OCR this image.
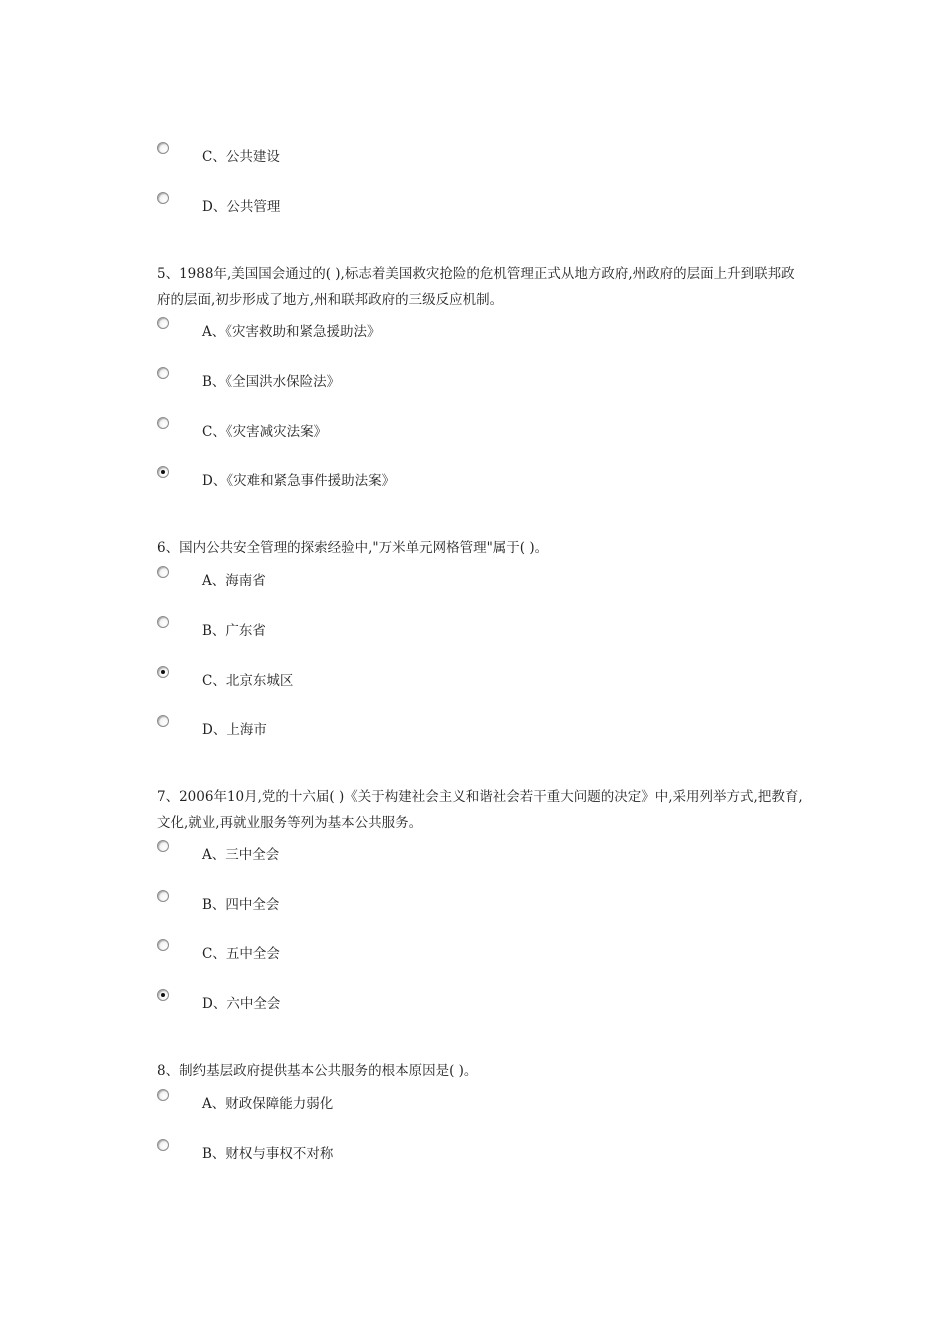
C、公共建设
D、公共管理
5、1988年,美国国会通过的( ),标志着美国救灾抢险的危机管理正式从地方政府,州政府的层面上升到联邦政府的层面,初步形成了地方,州和联邦政府的三级反应机制。
A、《灾害救助和紧急援助法》
B、《全国洪水保险法》
C、《灾害减灾法案》
D、《灾难和紧急事件援助法案》
6、国内公共安全管理的探索经验中,"万米单元网格管理"属于( )。
A、海南省
B、广东省
C、北京东城区
D、上海市
7、2006年10月,党的十六届( )《关于构建社会主义和谐社会若干重大问题的决定》中,采用列举方式,把教育,文化,就业,再就业服务等列为基本公共服务。
A、三中全会
B、四中全会
C、五中全会
D、六中全会
8、制约基层政府提供基本公共服务的根本原因是( )。
A、财政保障能力弱化
B、财权与事权不对称
